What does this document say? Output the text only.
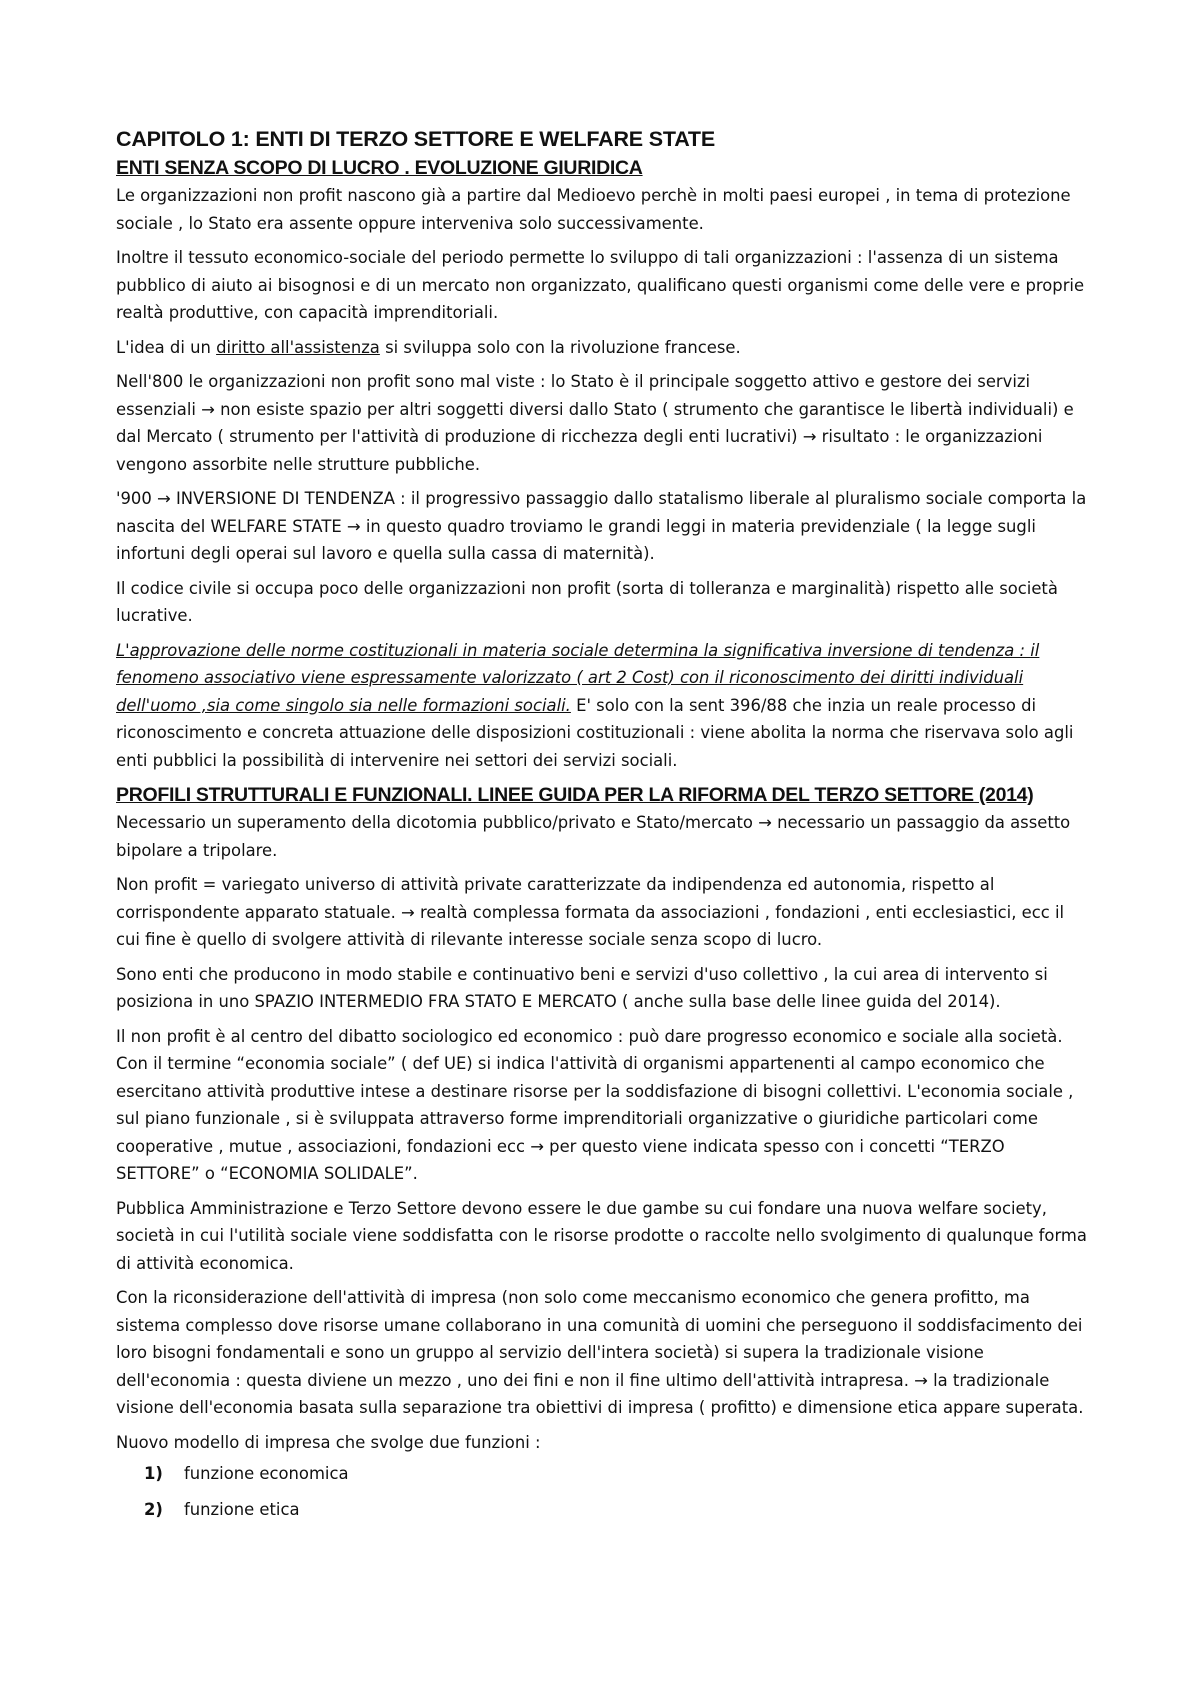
CAPITOLO 1: ENTI DI TERZO SETTORE E WELFARE STATE
ENTI SENZA SCOPO DI LUCRO . EVOLUZIONE GIURIDICA

Le organizzazioni non profit nascono già a partire dal Medioevo perchè in molti paesi europei , in tema di protezione sociale , lo Stato era assente oppure interveniva solo successivamente.

Inoltre il tessuto economico-sociale del periodo permette lo sviluppo di tali organizzazioni : l'assenza di un sistema pubblico di aiuto ai bisognosi e di un mercato non organizzato, qualificano questi organismi come delle vere e proprie realtà produttive, con capacità imprenditoriali.

L'idea di un diritto all'assistenza si sviluppa solo con la rivoluzione francese.

Nell'800 le organizzazioni non profit sono mal viste : lo Stato è il principale soggetto attivo e gestore dei servizi essenziali → non esiste spazio per altri soggetti diversi dallo Stato ( strumento che garantisce le libertà individuali) e dal Mercato ( strumento per l'attività di produzione di ricchezza degli enti lucrativi) → risultato : le organizzazioni vengono assorbite nelle strutture pubbliche.

'900 → INVERSIONE DI TENDENZA : il progressivo passaggio dallo statalismo liberale al pluralismo sociale comporta la nascita del WELFARE STATE → in questo quadro troviamo le grandi leggi in materia previdenziale ( la legge sugli infortuni degli operai sul lavoro e quella sulla cassa di maternità).

Il codice civile si occupa poco delle organizzazioni non profit (sorta di tolleranza e marginalità) rispetto alle società lucrative.

L'approvazione delle norme costituzionali in materia sociale determina la significativa inversione di tendenza : il fenomeno associativo viene espressamente valorizzato ( art 2 Cost) con il riconoscimento dei diritti individuali dell'uomo ,sia come singolo sia nelle formazioni sociali. E' solo con la sent 396/88 che inzia un reale processo di riconoscimento e concreta attuazione delle disposizioni costituzionali : viene abolita la norma che riservava solo agli enti pubblici la possibilità di intervenire nei settori dei servizi sociali.

PROFILI STRUTTURALI E FUNZIONALI. LINEE GUIDA PER LA RIFORMA DEL TERZO SETTORE (2014)

Necessario un superamento della dicotomia pubblico/privato e Stato/mercato → necessario un passaggio da assetto bipolare a tripolare.

Non profit = variegato universo di attività private caratterizzate da indipendenza ed autonomia, rispetto al corrispondente apparato statuale. → realtà complessa formata da associazioni , fondazioni , enti ecclesiastici, ecc il cui fine è quello di svolgere attività di rilevante interesse sociale senza scopo di lucro.

Sono enti che producono in modo stabile e continuativo beni e servizi d'uso collettivo , la cui area di intervento si posiziona in uno SPAZIO INTERMEDIO FRA STATO E MERCATO ( anche sulla base delle linee guida del 2014).

Il non profit è al centro del dibatto sociologico ed economico : può dare progresso economico e sociale alla società. Con il termine “economia sociale” ( def UE) si indica l'attività di organismi appartenenti al campo economico che esercitano attività produttive intese a destinare risorse per la soddisfazione di bisogni collettivi. L'economia sociale , sul piano funzionale , si è sviluppata attraverso forme imprenditoriali organizzative o giuridiche particolari come cooperative , mutue , associazioni, fondazioni ecc → per questo viene indicata spesso con i concetti “TERZO SETTORE” o “ECONOMIA SOLIDALE”.

Pubblica Amministrazione e Terzo Settore devono essere le due gambe su cui fondare una nuova welfare society, società in cui l'utilità sociale viene soddisfatta con le risorse prodotte o raccolte nello svolgimento di qualunque forma di attività economica.

Con la riconsiderazione dell'attività di impresa (non solo come meccanismo economico che genera profitto, ma sistema complesso dove risorse umane collaborano in una comunità di uomini che perseguono il soddisfacimento dei loro bisogni fondamentali e sono un gruppo al servizio dell'intera società) si supera la tradizionale visione dell'economia : questa diviene un mezzo , uno dei fini e non il fine ultimo dell'attività intrapresa. → la tradizionale visione dell'economia basata sulla separazione tra obiettivi di impresa ( profitto) e dimensione etica appare superata.

Nuovo modello di impresa che svolge due funzioni :

1)	funzione economica
2)	funzione etica
